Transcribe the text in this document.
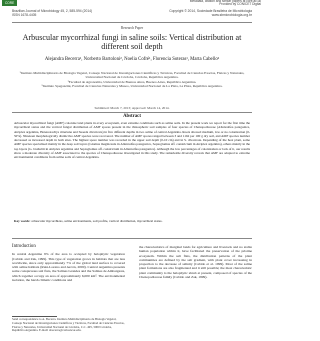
CORE	Metadata, citation and similar papers at core.ac.uk
Provided by CONICET Digital
Brazilian Journal of Microbiology 45, 2, 585-594 (2014)
ISSN 1678-4405
Copyright © 2014, Sociedade Brasileira de Microbiologia
www.sbmicrobiologia.org.br
Research Paper
Arbuscular mycorrhizal fungi in saline soils: Vertical distribution at different soil depth
Alejandra Becerra¹, Norberto Bartoloni², Noelia Cofré¹, Florencia Soteras¹, Marta Cabello³
¹Instituto Multidisciplinario de Biología Vegetal, Consejo Nacional de Investigaciones Científicas y Técnicas, Facultad de Ciencias Exactas, Físicas y Naturales, Universidad Nacional de Córdoba, Córdoba, República Argentina.
²Facultad de Agronomía, Universidad de Buenos Aires, Buenos Aires, República Argentina.
³Instituto Spegazzini, Facultad de Ciencias Naturales y Museo, Universidad Nacional de La Plata, La Plata, República Argentina.
Submitted: March 7, 2013; Approved: March 14, 2014.
Abstract
Arbuscular mycorrhizal fungi (AMF) colonize land plants in every ecosystem, even extreme conditions such as saline soils. In the present work we report for the first time the mycorrhizal status and the vertical fungal distribution of AMF spores present in the rhizospheric soil samples of four species of Chenopodiaceae (Allenrolfea patagonica, Atriplex argentina, Heterostachys ritteriana and Suaeda divaricata) in five different depths in two saline of central Argentina. Roots showed medium, low or no colonization (0-50%). Nineteen morphologically distinctive AMF species were recovered. The number of AMF spores ranged between 3 and 1162 per 100 g dry soil, and AMF species number decreased as increased depth in both sites. The highest spore number was recorded in the upper soil depth (0-10 cm) and in S. divaricata. Depending of the host plant, some AMF species specialised mainly in the deep soil layers (Glomus magnicaule in Allenrolfea patagonica, Septoglomus aff. constrictum in Atriplex argentina), others mainly in the top layers (G. brohultii in Atriplex argentina and Septoglomus aff. constrictum in Allenrolfea patagonica). Although the low percentages of colonization or lack of it, our results show a moderate diversity of AMF associated to the species of Chenopodiaceae investigated in this study. The remarkable diversity reveals that AMF are adapted to extreme environmental conditions from saline soils of central Argentina.
Key words: arbuscular mycorrhizas, saline environments, soil profile, vertical distribution, mycorrhizal status.
Introduction
In central Argentina 9% of the area is occupied by halophytic vegetation (Cabido and Zak, 1999). This type of vegetation grows in habitats that are less worldwide, since only approximately 7% of the global land surface is covered with saline habitats (Ruiz-Lozano and Azcón, 2000). Central Argentina presents some conspicuous salt flats, the Salinas Grandes and the Salinas de Ambargasta, which together occupy an area of approximately 6,000 km². The environmental isolation, the harsh climatic conditions and
the characteristics of marginal lands for agriculture and livestock and no stable human population within it, have facilitated the preservation of the pristine ecosystem. Within the salt flats, the distribution patterns of the plant communities are defined by the salt gradient, with plant cover increasing in proportion to the decrease of salinity (Cabido et al. 1999). Most of the saline plant formations are also fragmented and it still possible; the most characteristic plant community is the halophytic shrub at present, composed of species of the Chenopodiaceae family (Cabido and Zak, 1999).
Send correspondence to A. Becerra. Instituto Multidisciplinario de Biología Vegetal, Consejo Nacional de Investigaciones Científicas y Técnicas, Facultad de Ciencias Exactas, Físicas y Naturales, Universidad Nacional de Córdoba, C.C. 495, 5000 Córdoba, República Argentina. E-mail: abecerra@com.uncor.edu.
